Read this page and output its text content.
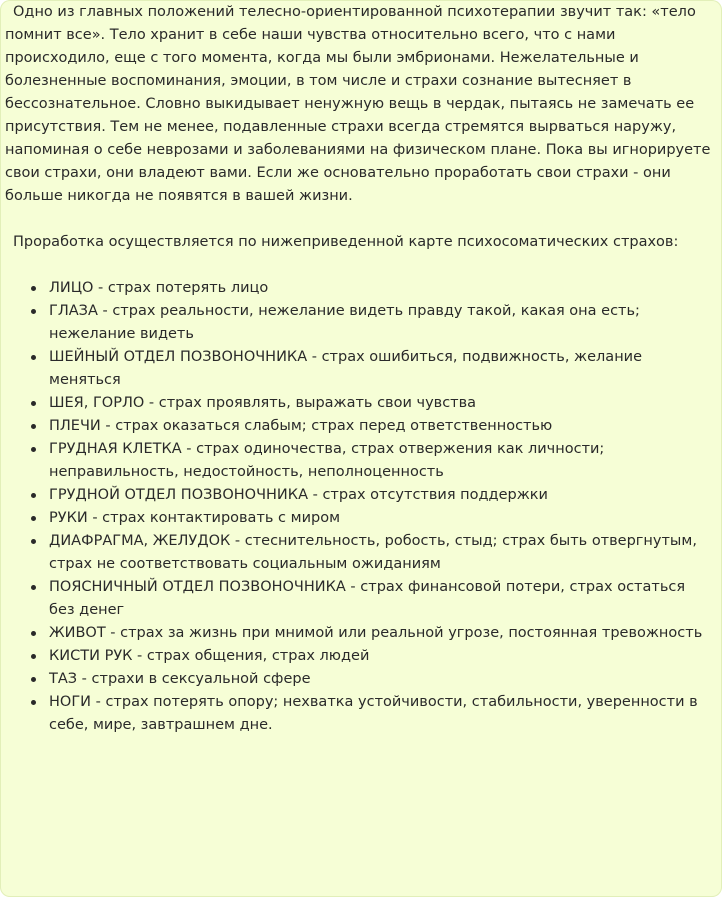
Одно из главных положений телесно-ориентированной психотерапии звучит так: «тело помнит все». Тело хранит в себе наши чувства относительно всего, что с нами происходило, еще с того момента, когда мы были эмбрионами. Нежелательные и болезненные воспоминания, эмоции, в том числе и страхи сознание вытесняет в бессознательное. Словно выкидывает ненужную вещь в чердак, пытаясь не замечать ее присутствия. Тем не менее, подавленные страхи всегда стремятся вырваться наружу, напоминая о себе неврозами и заболеваниями на физическом плане. Пока вы игнорируете свои страхи, они владеют вами. Если же основательно проработать свои страхи - они больше никогда не появятся в вашей жизни.

Проработка осуществляется по нижеприведенной карте психосоматических страхов:

ЛИЦО - страх потерять лицо
ГЛАЗА - страх реальности, нежелание видеть правду такой, какая она есть; нежелание видеть
ШЕЙНЫЙ ОТДЕЛ ПОЗВОНОЧНИКА - страх ошибиться, подвижность, желание меняться
ШЕЯ, ГОРЛО - страх проявлять, выражать свои чувства
ПЛЕЧИ - страх оказаться слабым; страх перед ответственностью
ГРУДНАЯ КЛЕТКА - страх одиночества, страх отвержения как личности; неправильность, недостойность, неполноценность
ГРУДНОЙ ОТДЕЛ ПОЗВОНОЧНИКА - страх отсутствия поддержки
РУКИ - страх контактировать с миром
ДИАФРАГМА, ЖЕЛУДОК - стеснительность, робость, стыд; страх быть отвергнутым, страх не соответствовать социальным ожиданиям
ПОЯСНИЧНЫЙ ОТДЕЛ ПОЗВОНОЧНИКА - страх финансовой потери, страх остаться без денег
ЖИВОТ - страх за жизнь при мнимой или реальной угрозе, постоянная тревожность
КИСТИ РУК - страх общения, страх людей
ТАЗ - страхи в сексуальной сфере
НОГИ - страх потерять опору; нехватка устойчивости, стабильности, уверенности в себе, мире, завтрашнем дне.
